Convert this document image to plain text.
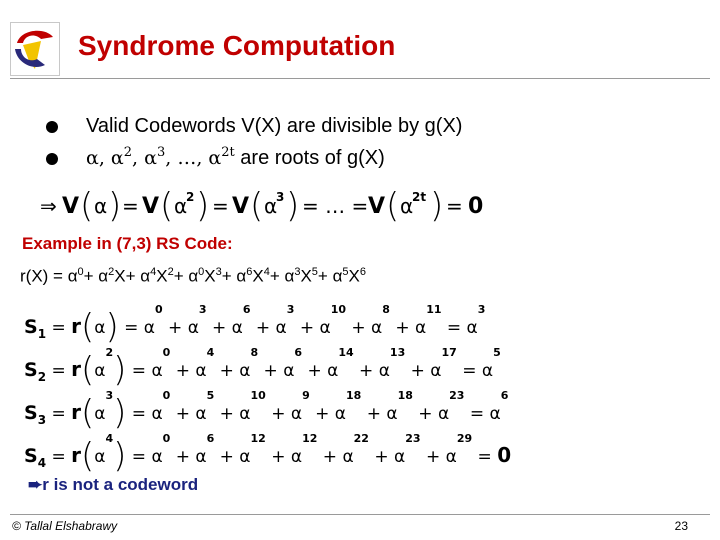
Syndrome Computation
Valid Codewords V(X) are divisible by g(X)
α, $\alpha^2$, $\alpha^3$, …, $\alpha^{2t}$ are roots of g(X)
⇒ V ( α ) = V ( α
2 ) = V ( α
3 ) = … = V ( α
2t ) = 0
Example in (7,3) RS Code:
$r(X) = \alpha^0+ \alpha^2X+ \alpha^4X^2+ \alpha^0X^3+ \alpha^6X^4+ \alpha^3X^5+ \alpha^5X^6$
$S_1 = r(\alpha) = \alpha^0 + \alpha^3 + \alpha^6 + \alpha^3 + \alpha^{10} + \alpha^8 + \alpha^{11} = \alpha^3$
$S_2 = r(\alpha^2) = \alpha^0 + \alpha^4 + \alpha^8 + \alpha^6 + \alpha^{14} + \alpha^{13} + \alpha^{17} = \alpha^5$
$S_3 = r(\alpha^3) = \alpha^0 + \alpha^5 + \alpha^{10} + \alpha^9 + \alpha^{18} + \alpha^{18} + \alpha^{23} = \alpha^6$
$S_4 = r(\alpha^4) = \alpha^0 + \alpha^6 + \alpha^{12} + \alpha^{12} + \alpha^{22} + \alpha^{23} + \alpha^{29} = 0$
➨r is not a codeword
© Tallal Elshabrawy	23
